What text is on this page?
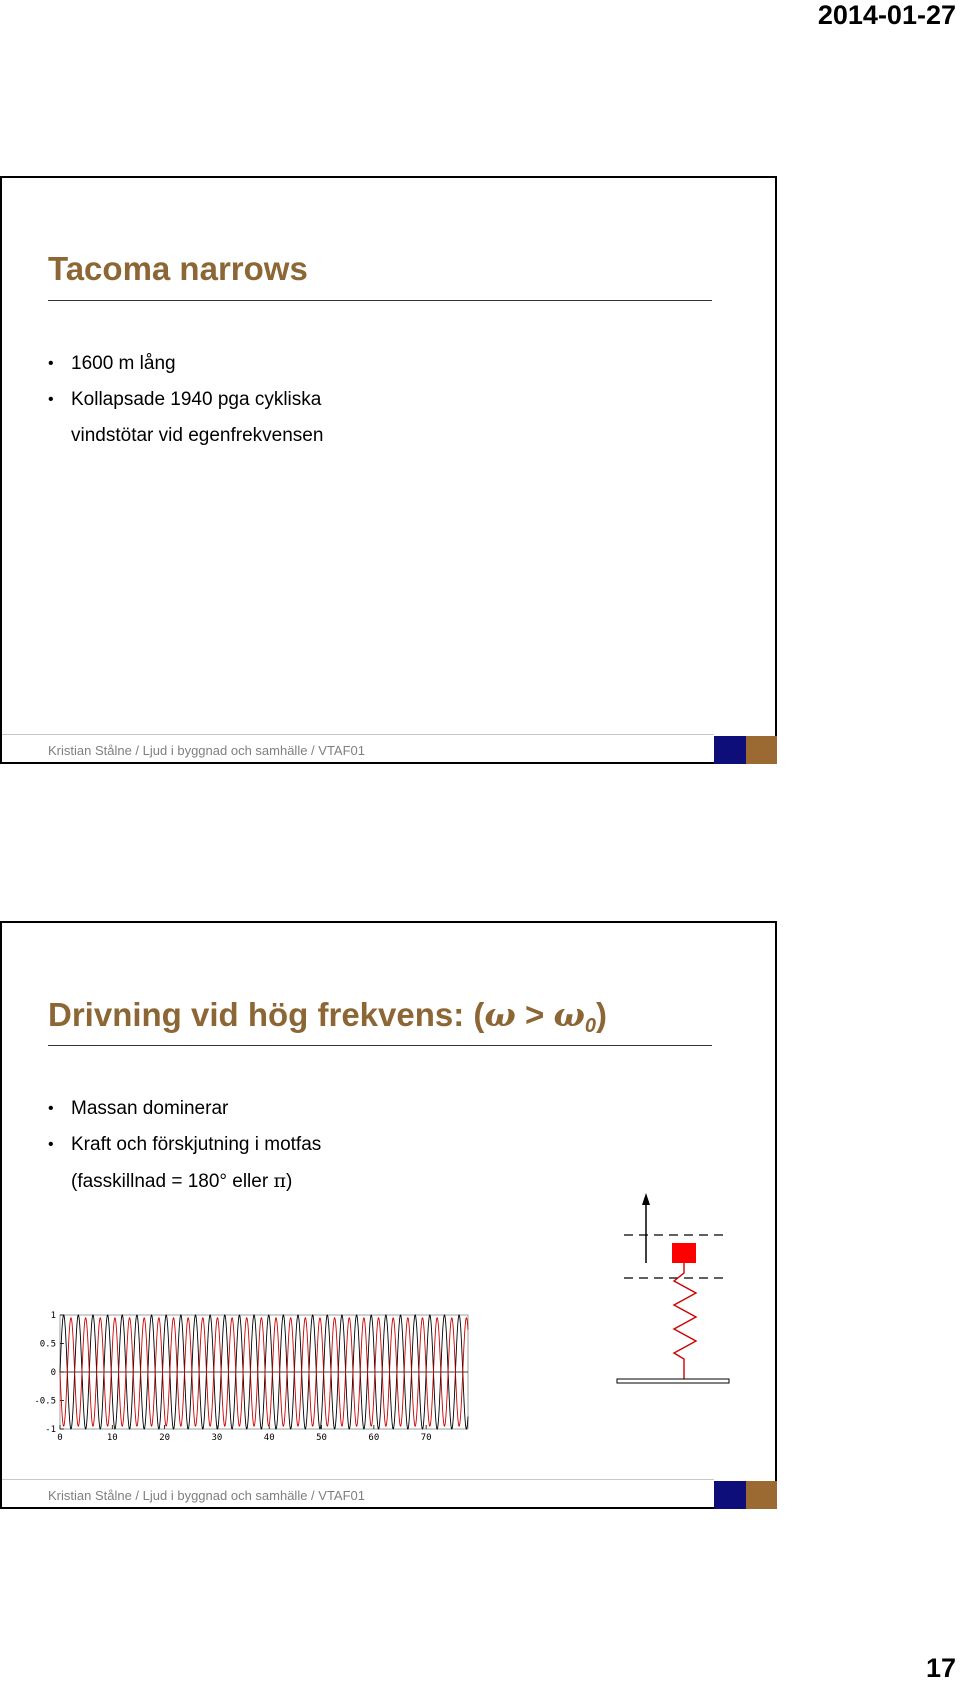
2014-01-27
Tacoma narrows
• 1600 m lång
• Kollapsade 1940 pga cykliska
vindstötar vid egenfrekvensen
Kristian Stålne / Ljud i byggnad och samhälle / VTAF01
Drivning vid hög frekvens: $(\omega > \omega_0)$
• Massan dominerar
• Kraft och förskjutning i motfas
(fasskillnad = 180° eller π)
1
0.5
0
-0.5
-1
0	10	20	30	40	50	60	70
Kristian Stålne / Ljud i byggnad och samhälle / VTAF01
17
